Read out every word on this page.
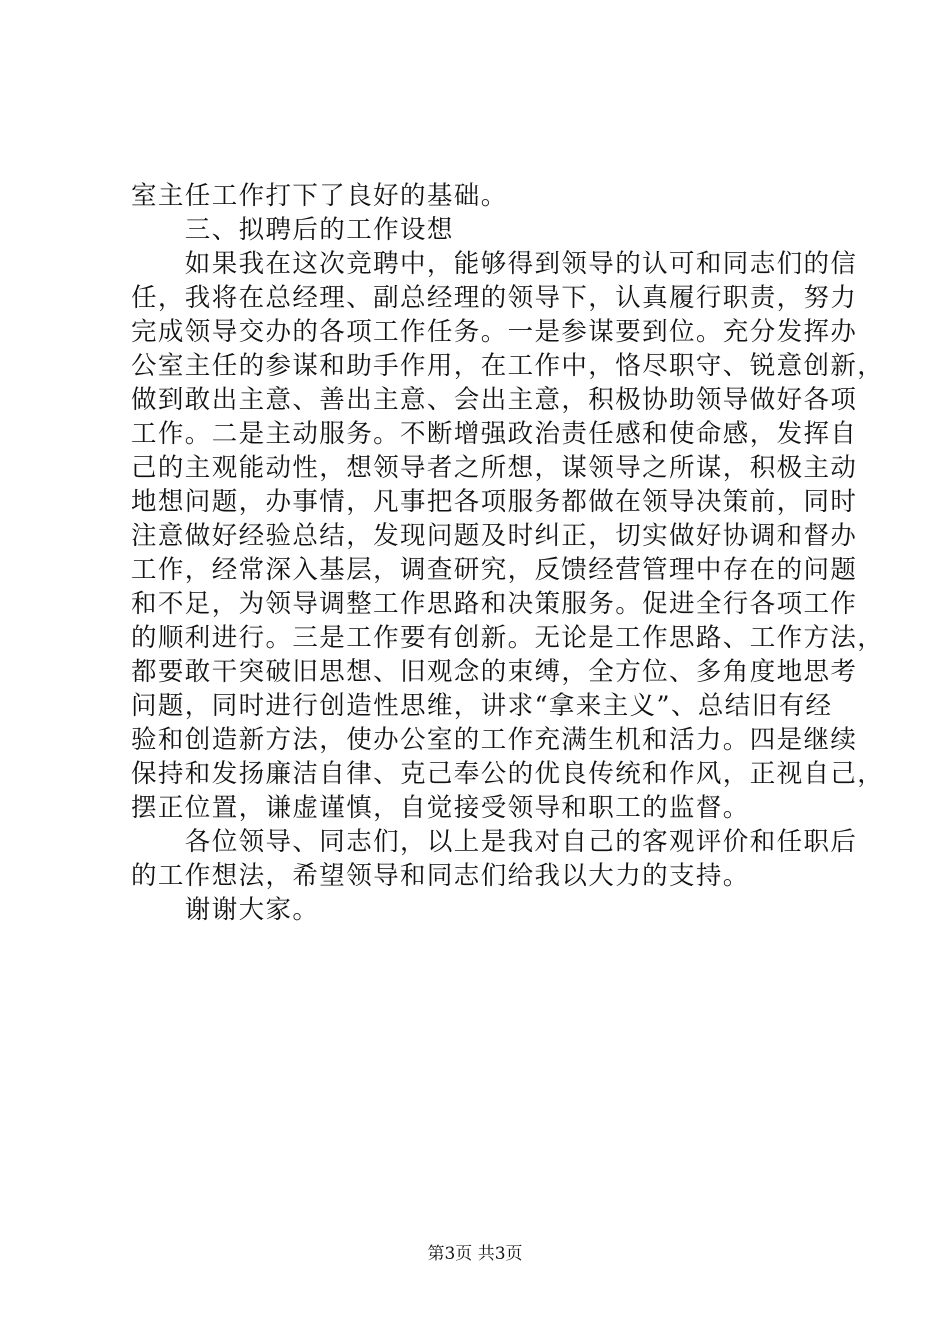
室主任工作打下了良好的基础。
　　三、拟聘后的工作设想
　　如果我在这次竞聘中，能够得到领导的认可和同志们的信
任，我将在总经理、副总经理的领导下，认真履行职责，努力
完成领导交办的各项工作任务。一是参谋要到位。充分发挥办
公室主任的参谋和助手作用，在工作中，恪尽职守、锐意创新，
做到敢出主意、善出主意、会出主意，积极协助领导做好各项
工作。二是主动服务。不断增强政治责任感和使命感，发挥自
己的主观能动性，想领导者之所想，谋领导之所谋，积极主动
地想问题，办事情，凡事把各项服务都做在领导决策前，同时
注意做好经验总结，发现问题及时纠正，切实做好协调和督办
工作，经常深入基层，调查研究，反馈经营管理中存在的问题
和不足，为领导调整工作思路和决策服务。促进全行各项工作
的顺利进行。三是工作要有创新。无论是工作思路、工作方法，
都要敢干突破旧思想、旧观念的束缚，全方位、多角度地思考
问题，同时进行创造性思维，讲求“拿来主义”、总结旧有经
验和创造新方法，使办公室的工作充满生机和活力。四是继续
保持和发扬廉洁自律、克己奉公的优良传统和作风，正视自己，
摆正位置，谦虚谨慎，自觉接受领导和职工的监督。
　　各位领导、同志们，以上是我对自己的客观评价和任职后
的工作想法，希望领导和同志们给我以大力的支持。
　　谢谢大家。
第3页 共3页
